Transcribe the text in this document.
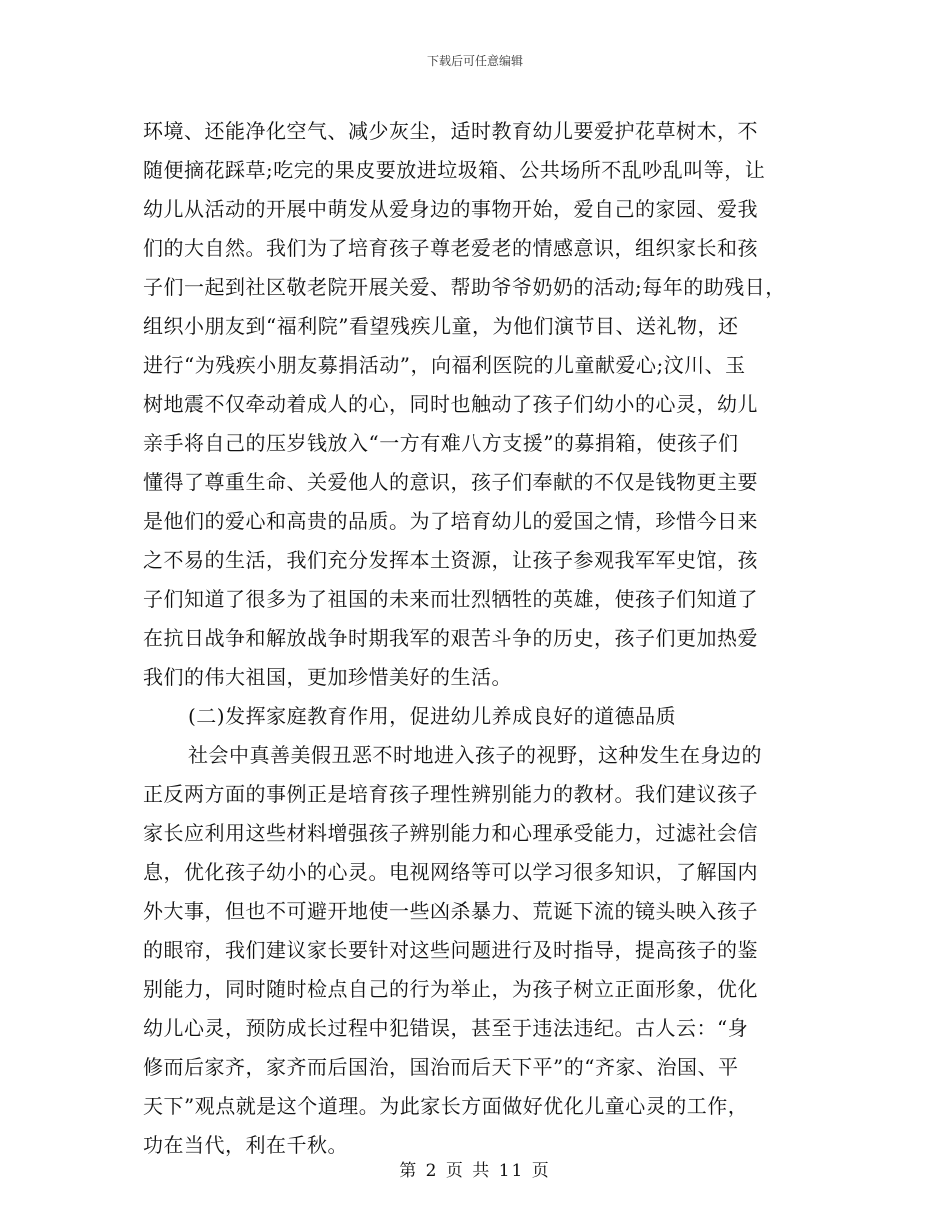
下载后可任意编辑
环境、还能净化空气、减少灰尘，适时教育幼儿要爱护花草树木，不
随便摘花踩草;吃完的果皮要放进垃圾箱、公共场所不乱吵乱叫等，让
幼儿从活动的开展中萌发从爱身边的事物开始，爱自己的家园、爱我
们的大自然。我们为了培育孩子尊老爱老的情感意识，组织家长和孩
子们一起到社区敬老院开展关爱、帮助爷爷奶奶的活动;每年的助残日，
组织小朋友到“福利院”看望残疾儿童，为他们演节目、送礼物，还
进行“为残疾小朋友募捐活动”，向福利医院的儿童献爱心;汶川、玉
树地震不仅牵动着成人的心，同时也触动了孩子们幼小的心灵，幼儿
亲手将自己的压岁钱放入“一方有难八方支援”的募捐箱，使孩子们
懂得了尊重生命、关爱他人的意识，孩子们奉献的不仅是钱物更主要
是他们的爱心和高贵的品质。为了培育幼儿的爱国之情，珍惜今日来
之不易的生活，我们充分发挥本土资源，让孩子参观我军军史馆，孩
子们知道了很多为了祖国的未来而壮烈牺牲的英雄，使孩子们知道了
在抗日战争和解放战争时期我军的艰苦斗争的历史，孩子们更加热爱
我们的伟大祖国，更加珍惜美好的生活。
(二)发挥家庭教育作用，促进幼儿养成良好的道德品质
社会中真善美假丑恶不时地进入孩子的视野，这种发生在身边的
正反两方面的事例正是培育孩子理性辨别能力的教材。我们建议孩子
家长应利用这些材料增强孩子辨别能力和心理承受能力，过滤社会信
息，优化孩子幼小的心灵。电视网络等可以学习很多知识，了解国内
外大事，但也不可避开地使一些凶杀暴力、荒诞下流的镜头映入孩子
的眼帘，我们建议家长要针对这些问题进行及时指导，提高孩子的鉴
别能力，同时随时检点自己的行为举止，为孩子树立正面形象，优化
幼儿心灵，预防成长过程中犯错误，甚至于违法违纪。古人云：“身
修而后家齐，家齐而后国治，国治而后天下平”的“齐家、治国、平
天下”观点就是这个道理。为此家长方面做好优化儿童心灵的工作，
功在当代，利在千秋。
第 2 页 共 11 页
